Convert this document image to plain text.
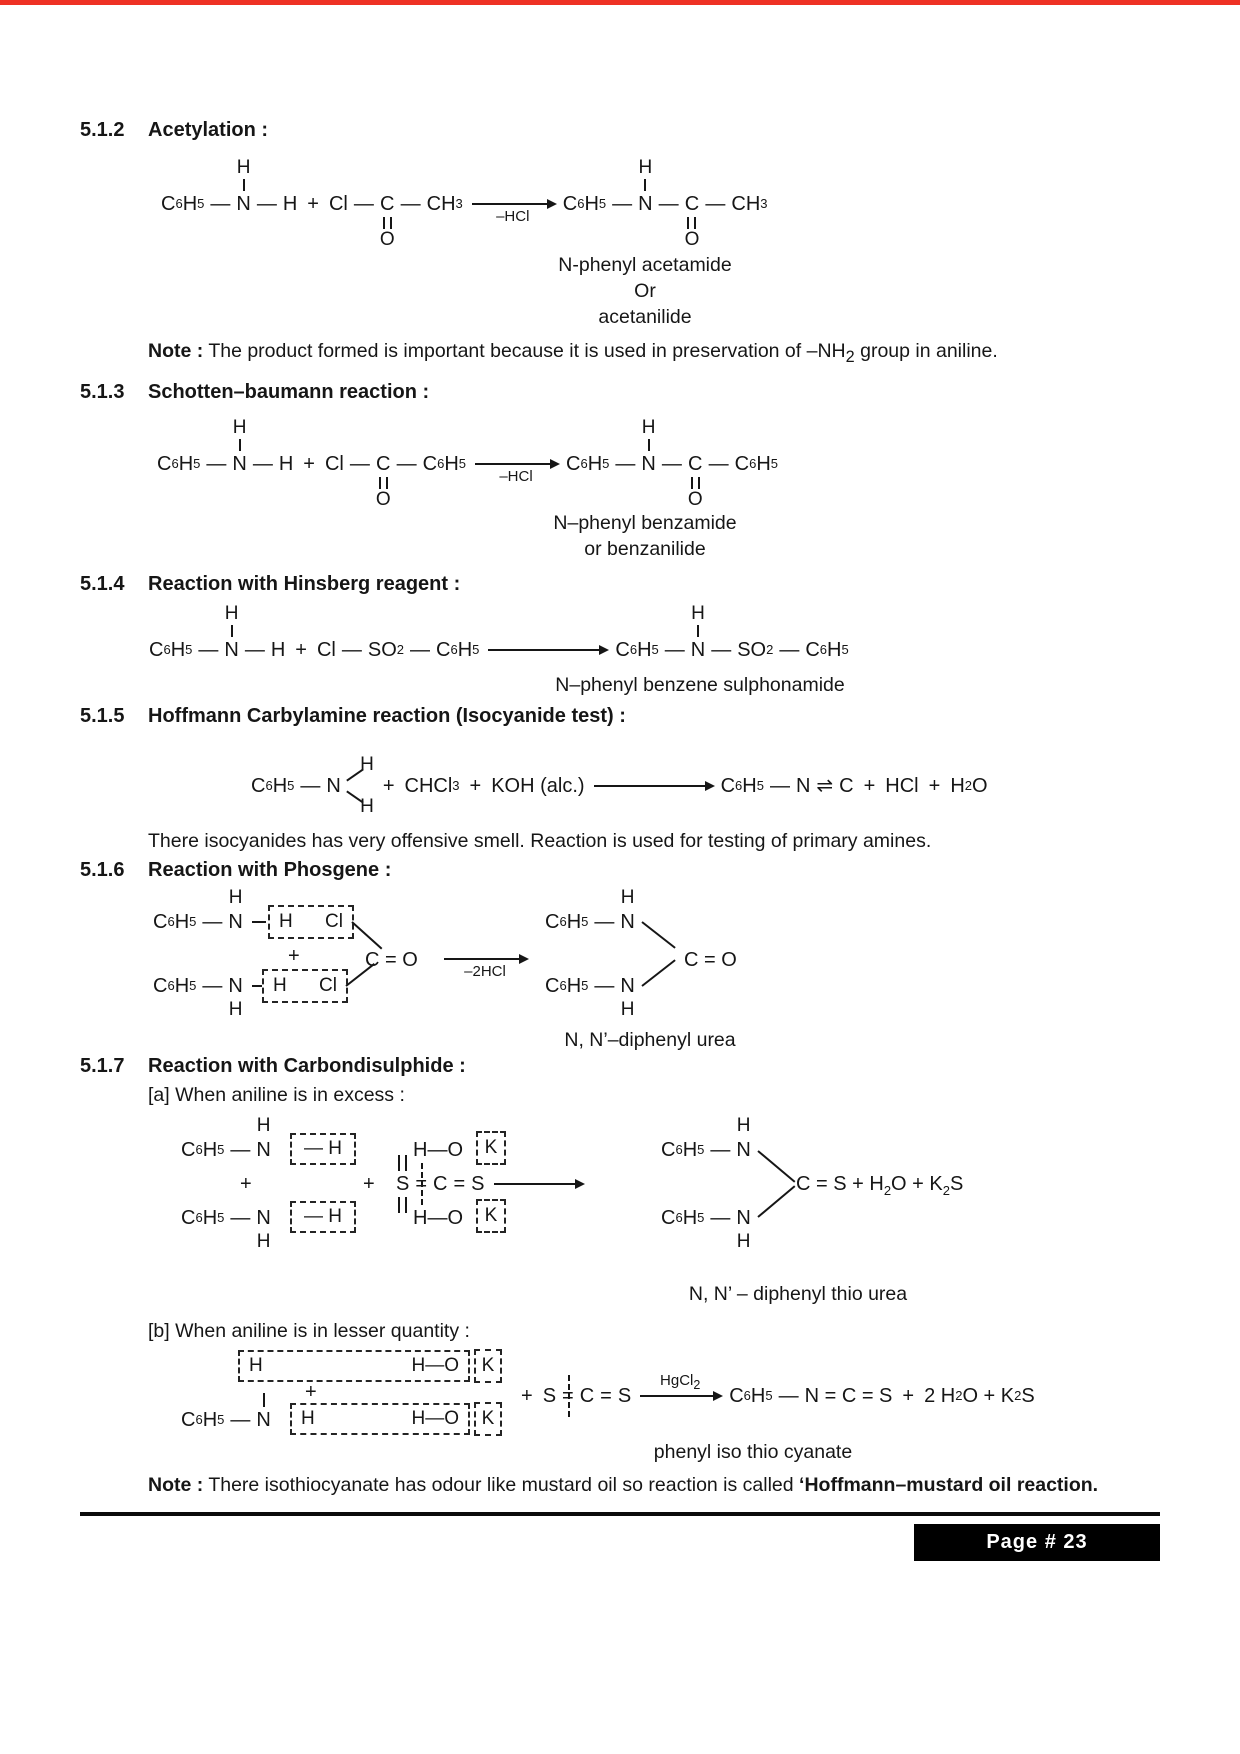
5.1.2	Acetylation :
C 6 H 5 —
H
N — H + Cl — C
O
— CH 3
–HCl
C 6 H 5 —
H
N — C
O
— CH 3
N-phenyl acetamide
Or
acetanilide

Note : The product formed is important because it is used in preservation of $-NH_2$ group in aniline.

5.1.3	Schotten–baumann reaction :
C 6 H 5 —
H
N — H + Cl — C
O
— C 6 H 5
–HCl
C 6 H 5 —
H
N — C
O
— C 6 H 5
N–phenyl benzamide
or benzanilide
5.1.4	Reaction with Hinsberg reagent :
C 6 H 5 —
H
N — H + Cl — SO 2 — C 6 H 5	C 6 H 5 —
H
N — SO 2 — C 6 H 5
N–phenyl benzene sulphonamide
5.1.5	Hoffmann Carbylamine reaction (Isocyanide test) :
C 6 H 5 — N
H
H
+ CHCl 3 + KOH (alc.)	C 6 H 5 — N ⇌ C + HCl + H 2 O

There isocyanides has very offensive smell. Reaction is used for testing of primary amines.

5.1.6	Reaction with Phosgene :
C 6 H 5 —
H
N H Cl
+
C 6 H 5 — N
H
H Cl
C = O
–2HCl
C 6 H 5 —
H
N
C 6 H 5 — N
H
C = O
N, N’–diphenyl urea
5.1.7	Reaction with Carbondisulphide :

[a] When aniline is in excess :

C 6 H 5 —
H
N	— H	H—O	K
+	+ S = C = S
C 6 H 5 — N
H
— H	H—O	K
C 6 H 5 —
H
N
C 6 H 5 — N
H
$C = S + H_2O + K_2S$
N, N’ – diphenyl thio urea

[b] When aniline is in lesser quantity :

H	H—O	K
+
C 6 H 5 — N H	H—O	K
+ S = C = S
HgCl$_2$ C 6 H 5 — N = C = S + 2 H 2 O + K 2 S
phenyl iso thio cyanate

Note : There isothiocyanate has odour like mustard oil so reaction is called ‘Hoffmann–mustard oil reaction.

Page # 23
